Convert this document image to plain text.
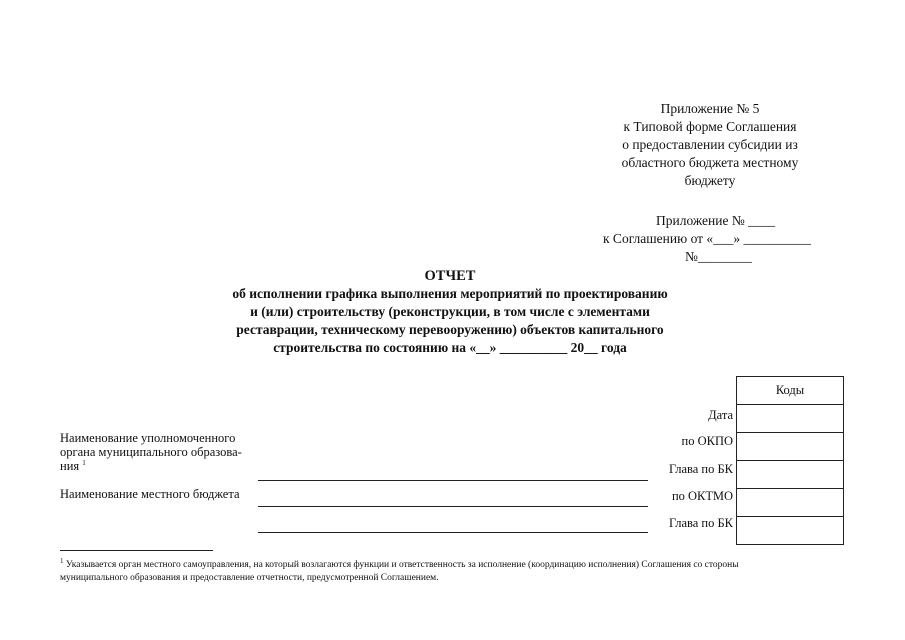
Приложение № 5
к Типовой форме Соглашения
о предоставлении субсидии из
областного бюджета местному
бюджету
Приложение № ____
к Соглашению от «___» __________
№________
ОТЧЕТ
об исполнении графика выполнения мероприятий по проектированию
и (или) строительству (реконструкции, в том числе с элементами
реставрации, техническому перевооружению) объектов капитального
строительства по состоянию на «__» __________ 20__ года
Коды
Дата
по ОКПО
Глава по БК
по ОКТМО
Глава по БК
Наименование уполномоченного
органа муниципального образова-
ния $^1$
Наименование местного бюджета
$^1$ Указывается орган местного самоуправления, на который возлагаются функции и ответственность за исполнение (координацию исполнения) Соглашения со стороны
муниципального образования и предоставление отчетности, предусмотренной Соглашением.
